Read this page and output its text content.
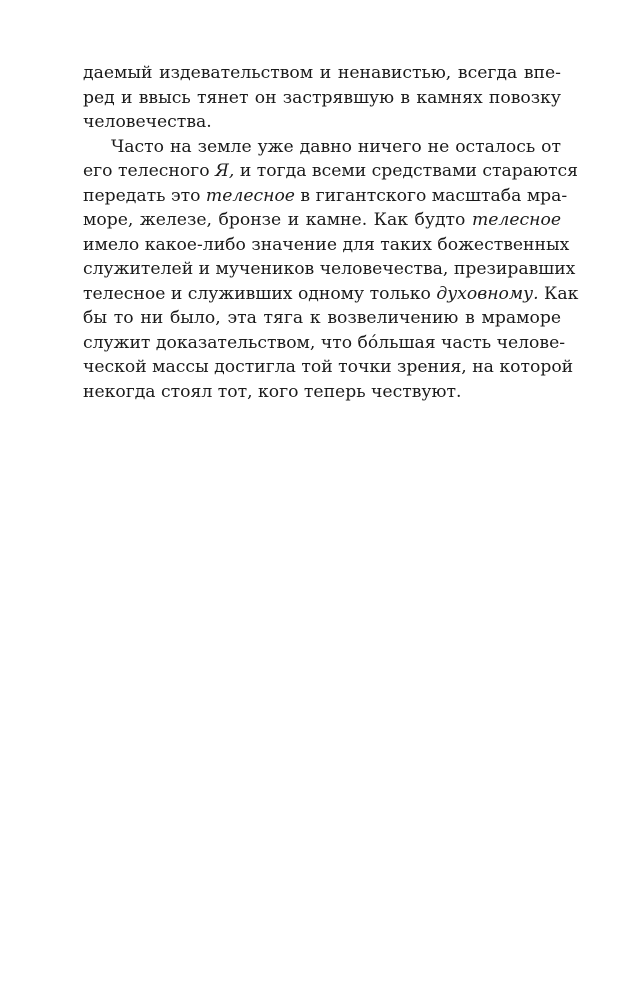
даемый издевательством и ненавистью, всегда впе-
ред и ввысь тянет он застрявшую в камнях повозку
человечества.
Часто на земле уже давно ничего не осталось от
его телесного Я, и тогда всеми средствами стараются
передать это телесное в гигантского масштаба мра-
море, железе, бронзе и камне. Как будто телесное
имело какое-либо значение для таких божественных
служителей и мучеников человечества, презиравших
телесное и служивших одному только духовному. Как
бы то ни было, эта тяга к возвеличению в мраморе
служит доказательством, что бóльшая часть челове-
ческой массы достигла той точки зрения, на которой
некогда стоял тот, кого теперь чествуют.
